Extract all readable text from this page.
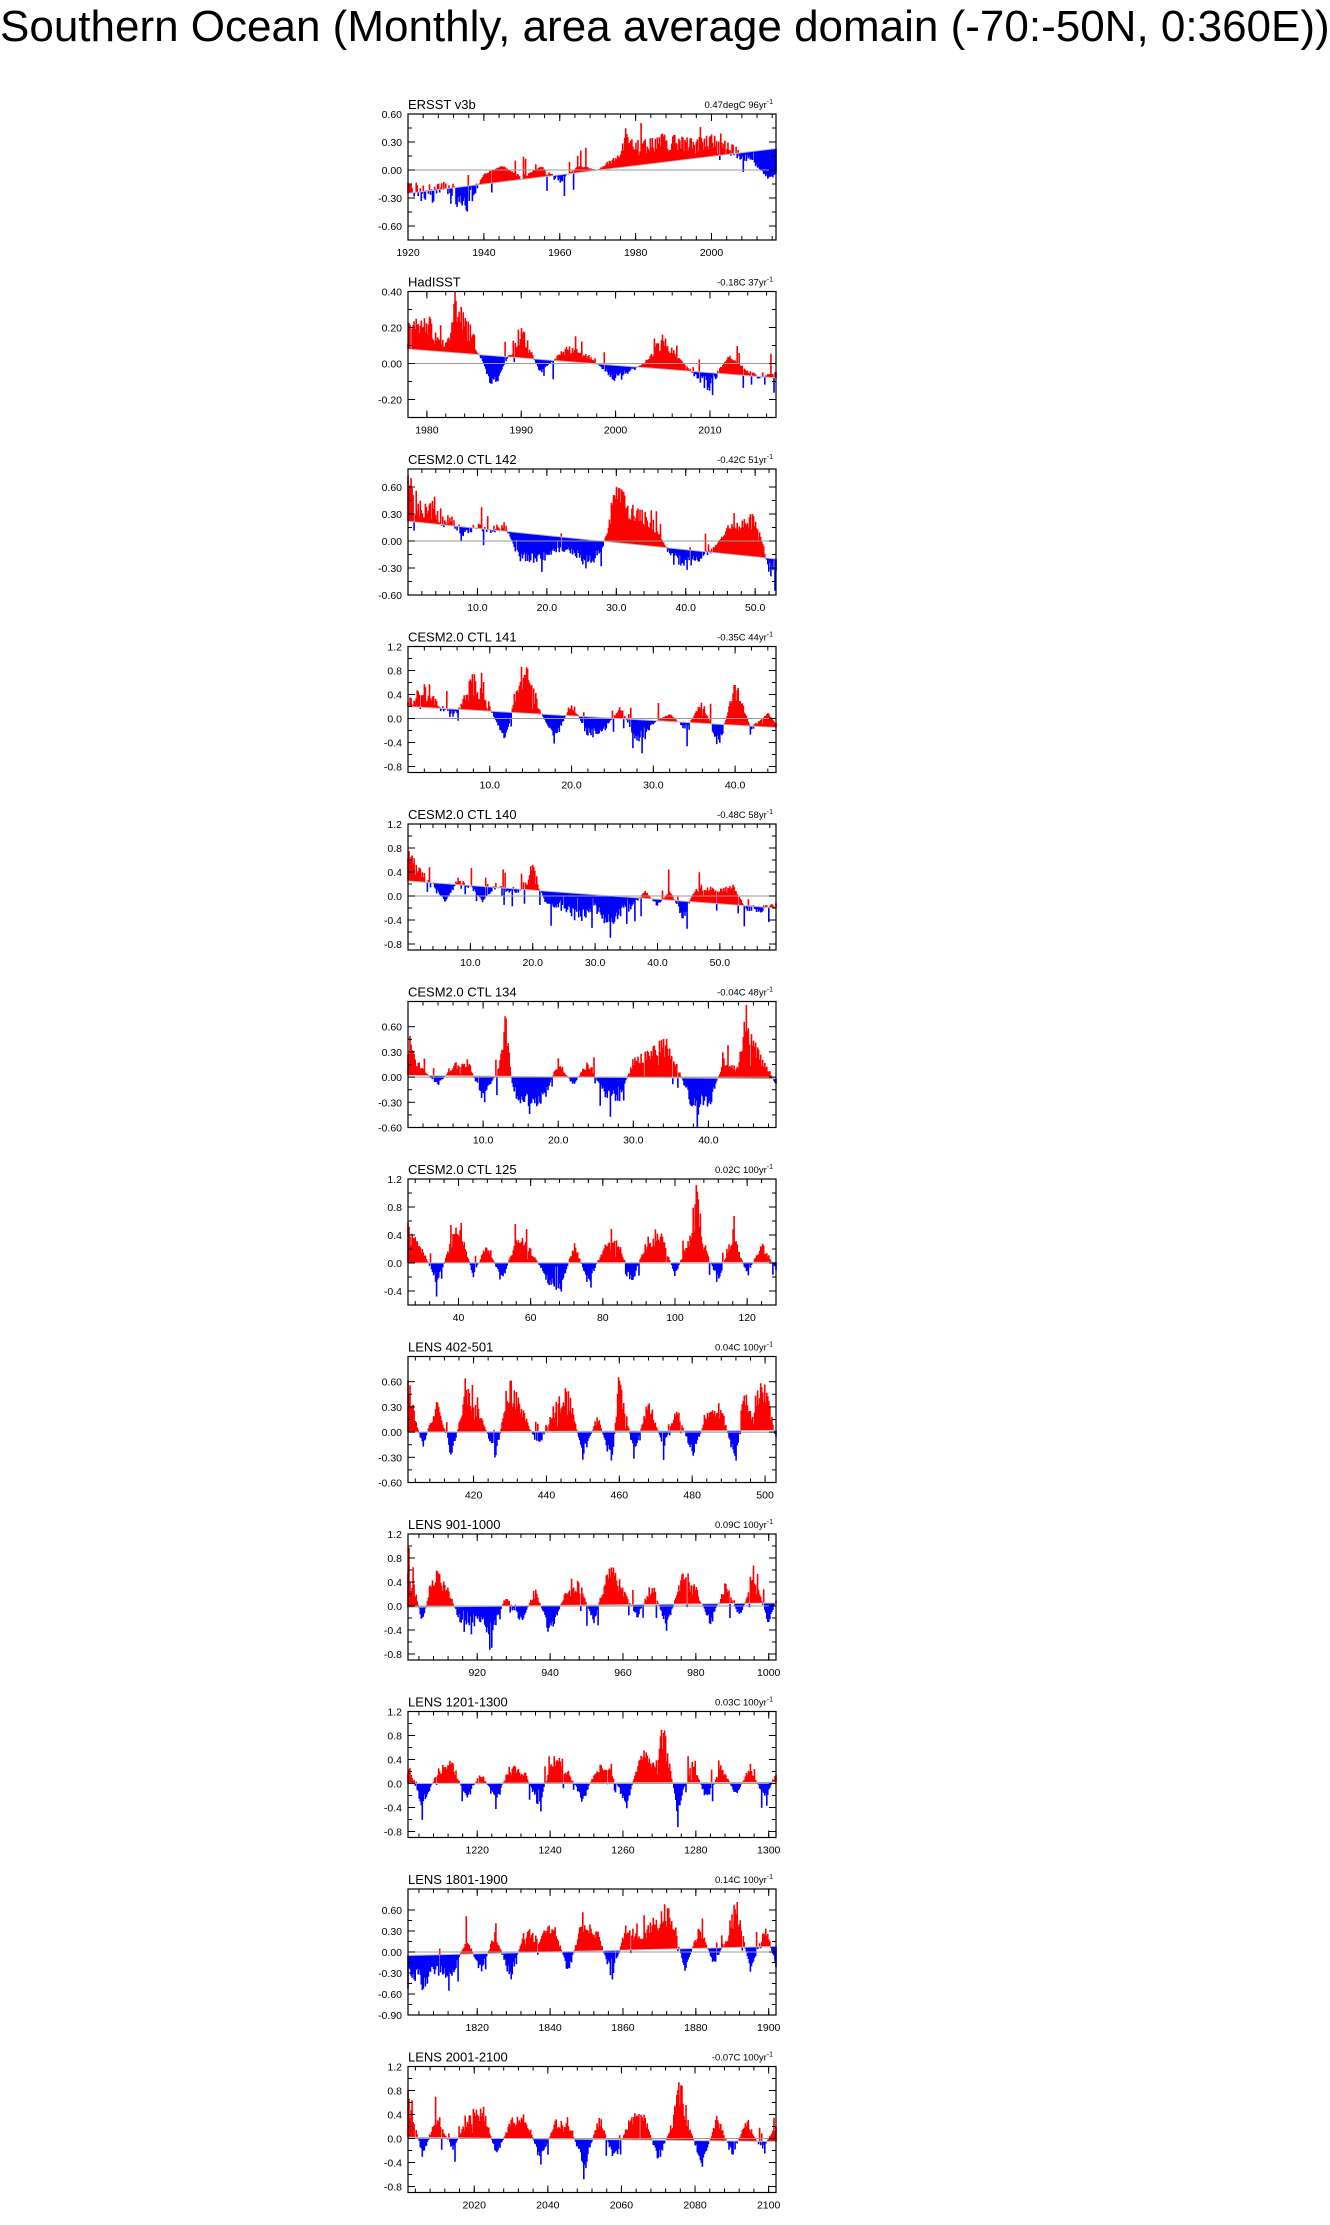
Southern Ocean (Monthly, area average domain (-70:-50N, 0:360E))
0.60
0.30
0.00
-0.30
-0.60
1920	1940	1960	1980	2000
ERSST v3b	0.47degC $96yr^{-1}$
0.40
0.20
0.00
-0.20
1980	1990	2000	2010
HadISST	-0.18C $37yr^{-1}$
0.60
0.30
0.00
-0.30
-0.60
10.0	20.0	30.0	40.0	50.0
CESM2.0 CTL 142	-0.42C $51yr^{-1}$
1.2
0.8
0.4
0.0
-0.4
-0.8
10.0	20.0	30.0	40.0
CESM2.0 CTL 141	-0.35C $44yr^{-1}$
1.2
0.8
0.4
0.0
-0.4
-0.8
10.0	20.0	30.0	40.0	50.0
CESM2.0 CTL 140	-0.48C $58yr^{-1}$
0.60
0.30
0.00
-0.30
-0.60
10.0	20.0	30.0	40.0
CESM2.0 CTL 134	-0.04C $48yr^{-1}$
1.2
0.8
0.4
0.0
-0.4
40	60	80	100	120
CESM2.0 CTL 125	0.02C $100yr^{-1}$
0.60
0.30
0.00
-0.30
-0.60
420	440	460	480	500
LENS 402-501	0.04C $100yr^{-1}$
1.2
0.8
0.4
0.0
-0.4
-0.8
920	940	960	980	1000
LENS 901-1000	0.09C $100yr^{-1}$
1.2
0.8
0.4
0.0
-0.4
-0.8
1220	1240	1260	1280	1300
LENS 1201-1300	0.03C $100yr^{-1}$
0.60
0.30
0.00
-0.30
-0.60
-0.90
1820	1840	1860	1880	1900
LENS 1801-1900	0.14C $100yr^{-1}$
1.2
0.8
0.4
0.0
-0.4
-0.8
2020	2040	2060	2080	2100
LENS 2001-2100	-0.07C $100yr^{-1}$
